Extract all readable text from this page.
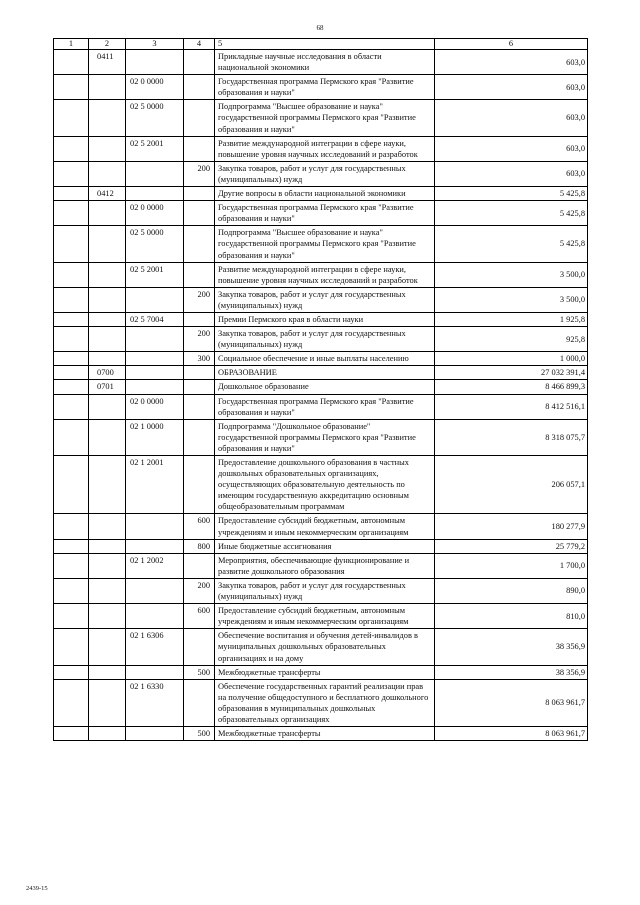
68
1	2	3	4	5	6
	0411			Прикладные научные исследования в области национальной экономики	603,0
		02 0 0000		Государственная программа Пермского края "Развитие образования и науки"	603,0
		02 5 0000		Подпрограмма "Высшее образование и наука" государственной программы Пермского края "Развитие образования и науки"	603,0
		02 5 2001		Развитие международной интеграции в сфере науки, повышение уровня научных исследований и разработок	603,0
			200	Закупка товаров, работ и услуг для государственных (муниципальных) нужд	603,0
	0412			Другие вопросы в области национальной экономики	5 425,8
		02 0 0000		Государственная программа Пермского края "Развитие образования и науки"	5 425,8
		02 5 0000		Подпрограмма "Высшее образование и наука" государственной программы Пермского края "Развитие образования и науки"	5 425,8
		02 5 2001		Развитие международной интеграции в сфере науки, повышение уровня научных исследований и разработок	3 500,0
			200	Закупка товаров, работ и услуг для государственных (муниципальных) нужд	3 500,0
		02 5 7004		Премии Пермского края в области науки	1 925,8
			200	Закупка товаров, работ и услуг для государственных (муниципальных) нужд	925,8
			300	Социальное обеспечение и иные выплаты населению	1 000,0
	0700			ОБРАЗОВАНИЕ	27 032 391,4
	0701			Дошкольное образование	8 466 899,3
		02 0 0000		Государственная программа Пермского края "Развитие образования и науки"	8 412 516,1
		02 1 0000		Подпрограмма "Дошкольное образование" государственной программы Пермского края "Развитие образования и науки"	8 318 075,7
		02 1 2001		Предоставление дошкольного образования в частных дошкольных образовательных организациях, осуществляющих образовательную деятельность по имеющим государственную аккредитацию основным общеобразовательным программам	206 057,1
			600	Предоставление субсидий бюджетным, автономным учреждениям и иным некоммерческим организациям	180 277,9
			800	Иные бюджетные ассигнования	25 779,2
		02 1 2002		Мероприятия, обеспечивающие функционирование и развитие дошкольного образования	1 700,0
			200	Закупка товаров, работ и услуг для государственных (муниципальных) нужд	890,0
			600	Предоставление субсидий бюджетным, автономным учреждениям и иным некоммерческим организациям	810,0
		02 1 6306		Обеспечение воспитания и обучения детей-инвалидов в муниципальных дошкольных образовательных организациях и на дому	38 356,9
			500	Межбюджетные трансферты	38 356,9
		02 1 6330		Обеспечение государственных гарантий реализации прав на получение общедоступного и бесплатного дошкольного образования в муниципальных дошкольных образовательных организациях	8 063 961,7
			500	Межбюджетные трансферты	8 063 961,7
2439-15
